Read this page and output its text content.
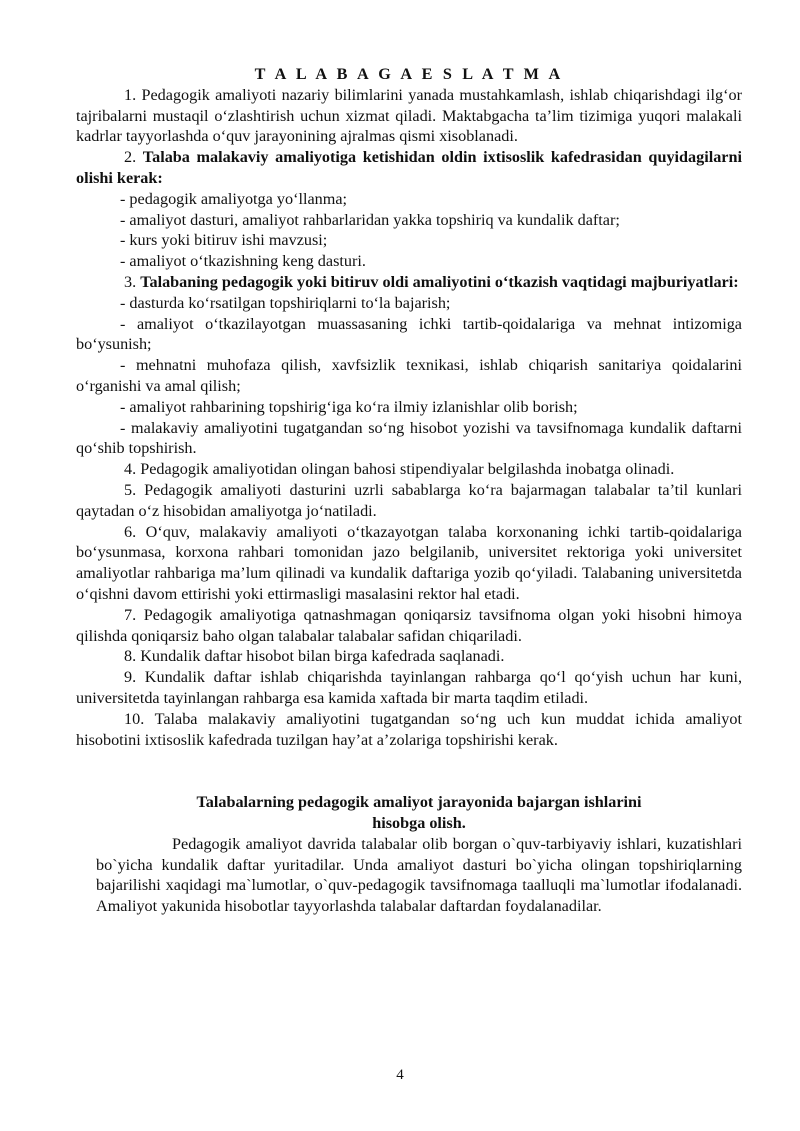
T A L A B A G A E S L A T M A

1. Pedagogik amaliyoti nazariy bilimlarini yanada mustahkamlash, ishlab chiqarishdagi ilg‘or tajribalarni mustaqil o‘zlashtirish uchun xizmat qiladi. Maktabgacha ta’lim tizimiga yuqori malakali kadrlar tayyorlashda o‘quv jarayonining ajralmas qismi xisoblanadi.

2. Talaba malakaviy amaliyotiga ketishidan oldin ixtisoslik kafedrasidan quyidagilarni olishi kerak:

- pedagogik amaliyotga yo‘llanma;

- amaliyot dasturi, amaliyot rahbarlaridan yakka topshiriq va kundalik daftar;

- kurs yoki bitiruv ishi mavzusi;

- amaliyot o‘tkazishning keng dasturi.

3. Talabaning pedagogik yoki bitiruv oldi amaliyotini o‘tkazish vaqtidagi majburiyatlari:

- dasturda ko‘rsatilgan topshiriqlarni to‘la bajarish;

- amaliyot o‘tkazilayotgan muassasaning ichki tartib-qoidalariga va mehnat intizomiga bo‘ysunish;

- mehnatni muhofaza qilish, xavfsizlik texnikasi, ishlab chiqarish sanitariya qoidalarini o‘rganishi va amal qilish;

- amaliyot rahbarining topshirig‘iga ko‘ra ilmiy izlanishlar olib borish;

- malakaviy amaliyotini tugatgandan so‘ng hisobot yozishi va tavsifnomaga kundalik daftarni qo‘shib topshirish.

4. Pedagogik amaliyotidan olingan bahosi stipendiyalar belgilashda inobatga olinadi.

5. Pedagogik amaliyoti dasturini uzrli sabablarga ko‘ra bajarmagan talabalar ta’til kunlari qaytadan o‘z hisobidan amaliyotga jo‘natiladi.

6. O‘quv, malakaviy amaliyoti o‘tkazayotgan talaba korxonaning ichki tartib-qoidalariga bo‘ysunmasa, korxona rahbari tomonidan jazo belgilanib, universitet rektoriga yoki universitet amaliyotlar rahbariga ma’lum qilinadi va kundalik daftariga yozib qo‘yiladi. Talabaning universitetda o‘qishni davom ettirishi yoki ettirmasligi masalasini rektor hal etadi.

7. Pedagogik amaliyotiga qatnashmagan qoniqarsiz tavsifnoma olgan yoki hisobni himoya qilishda qoniqarsiz baho olgan talabalar talabalar safidan chiqariladi.

8. Kundalik daftar hisobot bilan birga kafedrada saqlanadi.

9. Kundalik daftar ishlab chiqarishda tayinlangan rahbarga qo‘l qo‘yish uchun har kuni, universitetda tayinlangan rahbarga esa kamida xaftada bir marta taqdim etiladi.

10. Talaba malakaviy amaliyotini tugatgandan so‘ng uch kun muddat ichida amaliyot hisobotini ixtisoslik kafedrada tuzilgan hay’at a’zolariga topshirishi kerak.

Talabalarning pedagogik amaliyot jarayonida bajargan ishlarini

hisobga olish.

Pedagogik amaliyot davrida talabalar olib borgan o`quv-tarbiyaviy ishlari, kuzatishlari bo`yicha kundalik daftar yuritadilar. Unda amaliyot dasturi bo`yicha olingan topshiriqlarning bajarilishi xaqidagi ma`lumotlar, o`quv-pedagogik tavsifnomaga taalluqli ma`lumotlar ifodalanadi. Amaliyot yakunida hisobotlar tayyorlashda talabalar daftardan foydalanadilar.

4
